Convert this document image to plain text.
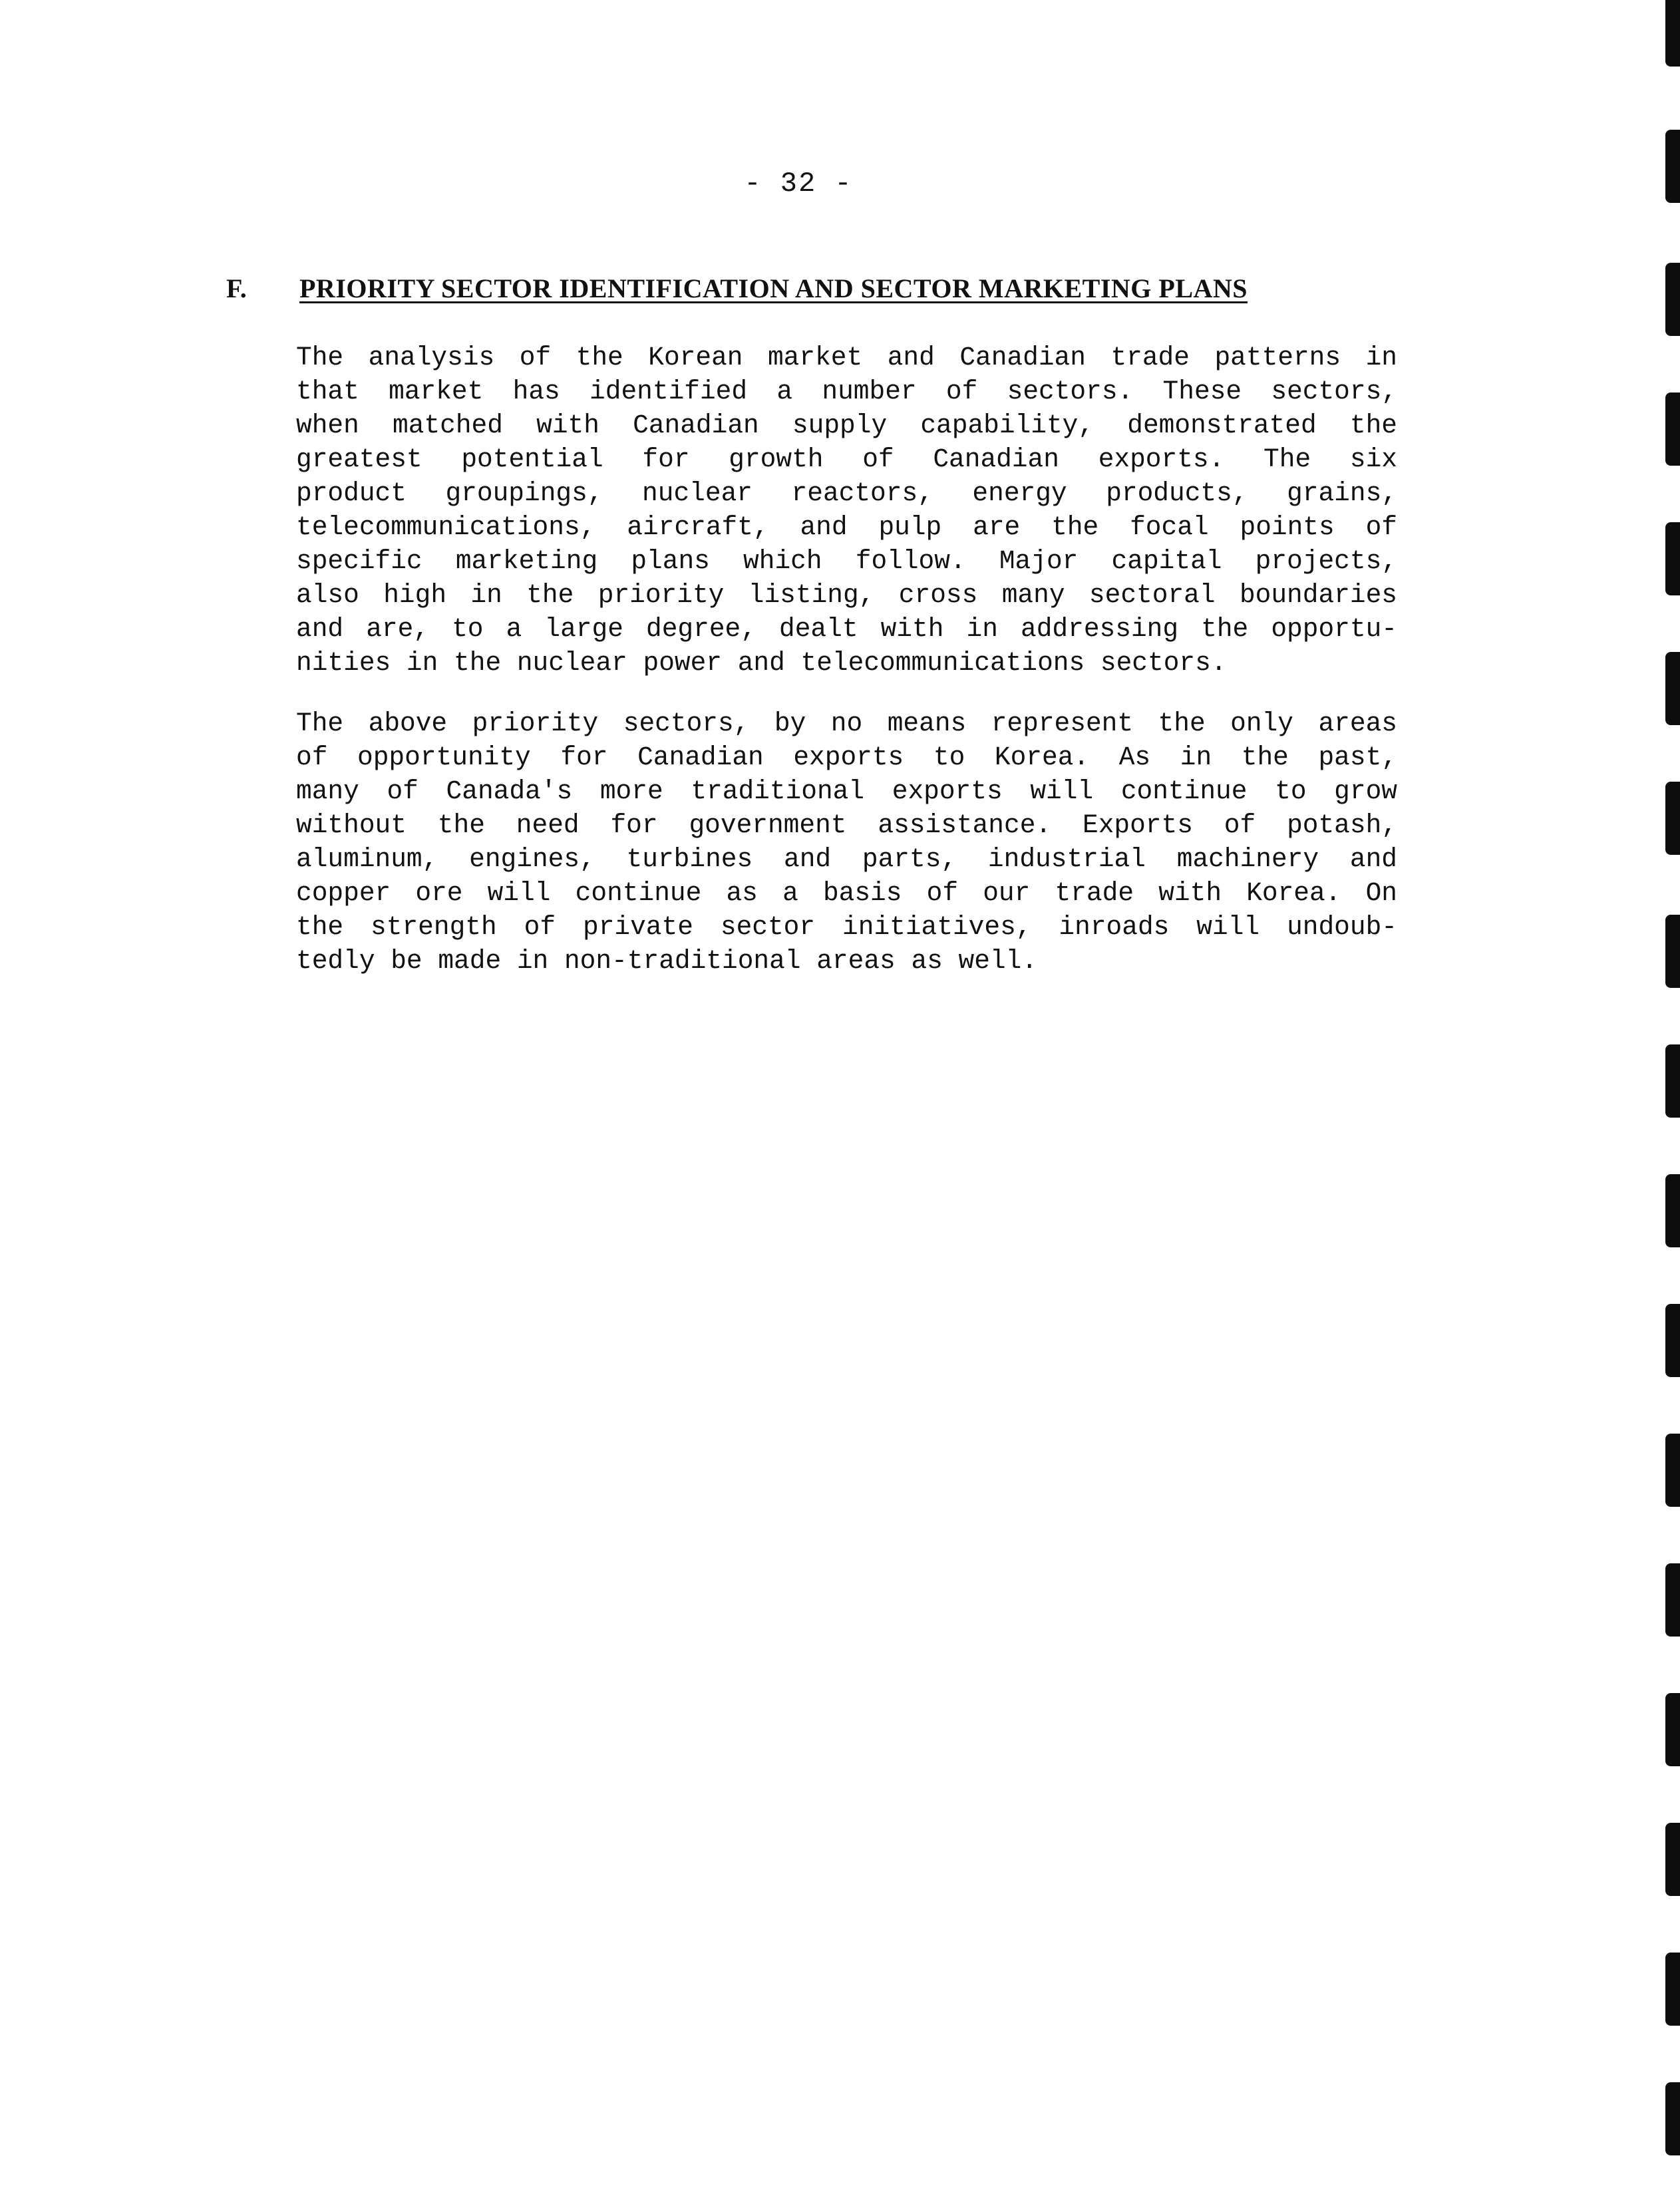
- 32 -
F. PRIORITY SECTOR IDENTIFICATION AND SECTOR MARKETING PLANS
The analysis of the Korean market and Canadian trade patterns in
that market has identified a number of sectors. These sectors,
when matched with Canadian supply capability, demonstrated the
greatest potential for growth of Canadian exports. The six
product groupings, nuclear reactors, energy products, grains,
telecommunications, aircraft, and pulp are the focal points of
specific marketing plans which follow. Major capital projects,
also high in the priority listing, cross many sectoral boundaries
and are, to a large degree, dealt with in addressing the opportu-
nities in the nuclear power and telecommunications sectors.
The above priority sectors, by no means represent the only areas
of opportunity for Canadian exports to Korea. As in the past,
many of Canada's more traditional exports will continue to grow
without the need for government assistance. Exports of potash,
aluminum, engines, turbines and parts, industrial machinery and
copper ore will continue as a basis of our trade with Korea. On
the strength of private sector initiatives, inroads will undoub-
tedly be made in non-traditional areas as well.
